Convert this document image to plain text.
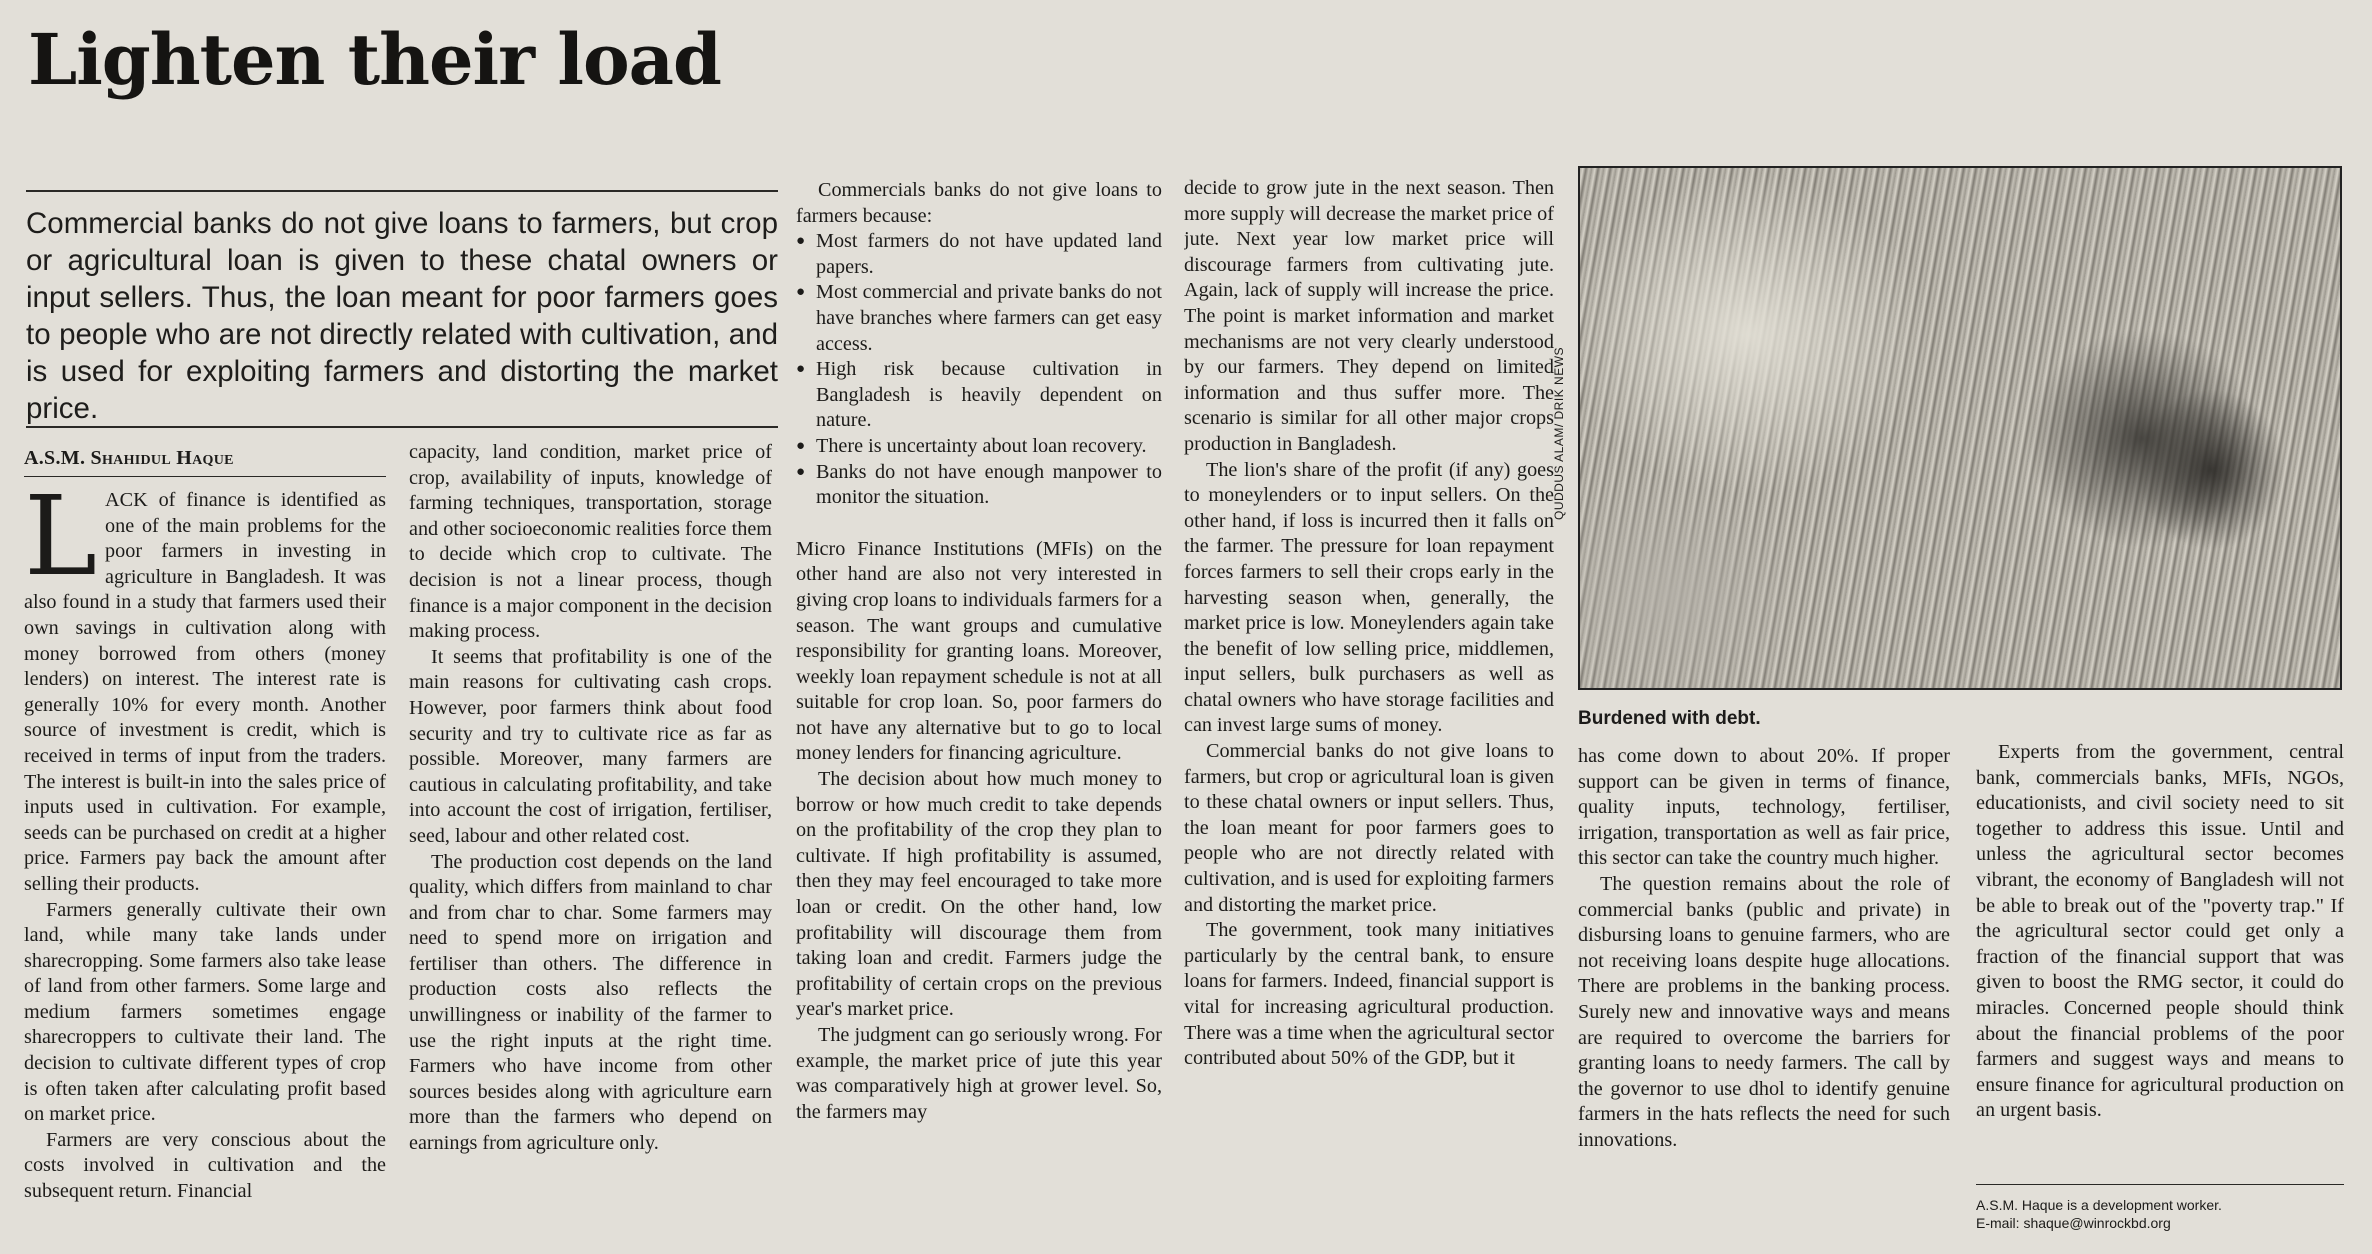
Lighten their load

Commercial banks do not give loans to farmers, but crop or agricultural loan is given to these chatal owners or input sellers. Thus, the loan meant for poor farmers goes to people who are not directly related with cultivation, and is used for exploiting farmers and distorting the market price.

A.S.M. Shahidul Haque
L ACK of finance is identified as one of the main problems for the poor farmers in investing in agriculture in Bangladesh. It was also found in a study that farmers used their own savings in cultivation along with money borrowed from others (money lenders) on interest. The interest rate is generally 10% for every month. Another source of investment is credit, which is received in terms of input from the traders. The interest is built-in into the sales price of inputs used in cultivation. For example, seeds can be purchased on credit at a higher price. Farmers pay back the amount after selling their products.

Farmers generally cultivate their own land, while many take lands under sharecropping. Some farmers also take lease of land from other farmers. Some large and medium farmers sometimes engage sharecroppers to cultivate their land. The decision to cultivate different types of crop is often taken after calculating profit based on market price.

Farmers are very conscious about the costs involved in cultivation and the subsequent return. Financial

capacity, land condition, market price of crop, availability of inputs, knowledge of farming techniques, transportation, storage and other socioeconomic realities force them to decide which crop to cultivate. The decision is not a linear process, though finance is a major component in the decision making process.

It seems that profitability is one of the main reasons for cultivating cash crops. However, poor farmers think about food security and try to cultivate rice as far as possible. Moreover, many farmers are cautious in calculating profitability, and take into account the cost of irrigation, fertiliser, seed, labour and other related cost.

The production cost depends on the land quality, which differs from mainland to char and from char to char. Some farmers may need to spend more on irrigation and fertiliser than others. The difference in production costs also reflects the unwillingness or inability of the farmer to use the right inputs at the right time. Farmers who have income from other sources besides along with agriculture earn more than the farmers who depend on earnings from agriculture only.

Commercials banks do not give loans to farmers because:

● Most farmers do not have updated land papers.
● Most commercial and private banks do not have branches where farmers can get easy access.
● High risk because cultivation in Bangladesh is heavily dependent on nature.
● There is uncertainty about loan recovery.
● Banks do not have enough manpower to monitor the situation.

Micro Finance Institutions (MFIs) on the other hand are also not very interested in giving crop loans to individuals farmers for a season. The want groups and cumulative responsibility for granting loans. Moreover, weekly loan repayment schedule is not at all suitable for crop loan. So, poor farmers do not have any alternative but to go to local money lenders for financing agriculture.

The decision about how much money to borrow or how much credit to take depends on the profitability of the crop they plan to cultivate. If high profitability is assumed, then they may feel encouraged to take more loan or credit. On the other hand, low profitability will discourage them from taking loan and credit. Farmers judge the profitability of certain crops on the previous year's market price.

The judgment can go seriously wrong. For example, the market price of jute this year was comparatively high at grower level. So, the farmers may

decide to grow jute in the next season. Then more supply will decrease the market price of jute. Next year low market price will discourage farmers from cultivating jute. Again, lack of supply will increase the price. The point is market information and market mechanisms are not very clearly understood by our farmers. They depend on limited information and thus suffer more. The scenario is similar for all other major crops production in Bangladesh.

The lion's share of the profit (if any) goes to moneylenders or to input sellers. On the other hand, if loss is incurred then it falls on the farmer. The pressure for loan repayment forces farmers to sell their crops early in the harvesting season when, generally, the market price is low. Moneylenders again take the benefit of low selling price, middlemen, input sellers, bulk purchasers as well as chatal owners who have storage facilities and can invest large sums of money.

Commercial banks do not give loans to farmers, but crop or agricultural loan is given to these chatal owners or input sellers. Thus, the loan meant for poor farmers goes to people who are not directly related with cultivation, and is used for exploiting farmers and distorting the market price.

The government, took many initiatives particularly by the central bank, to ensure loans for farmers. Indeed, financial support is vital for increasing agricultural production. There was a time when the agricultural sector contributed about 50% of the GDP, but it

QUDDUS ALAM/ DRIK NEWS
Burdened with debt.

has come down to about 20%. If proper support can be given in terms of finance, quality inputs, technology, fertiliser, irrigation, transportation as well as fair price, this sector can take the country much higher.

The question remains about the role of commercial banks (public and private) in disbursing loans to genuine farmers, who are not receiving loans despite huge allocations. There are problems in the banking process. Surely new and innovative ways and means are required to overcome the barriers for granting loans to needy farmers. The call by the governor to use dhol to identify genuine farmers in the hats reflects the need for such innovations.

Experts from the government, central bank, commercials banks, MFIs, NGOs, educationists, and civil society need to sit together to address this issue. Until and unless the agricultural sector becomes vibrant, the economy of Bangladesh will not be able to break out of the "poverty trap." If the agricultural sector could get only a fraction of the financial support that was given to boost the RMG sector, it could do miracles. Concerned people should think about the financial problems of the poor farmers and suggest ways and means to ensure finance for agricultural production on an urgent basis.

A.S.M. Haque is a development worker.
E-mail: shaque@winrockbd.org
